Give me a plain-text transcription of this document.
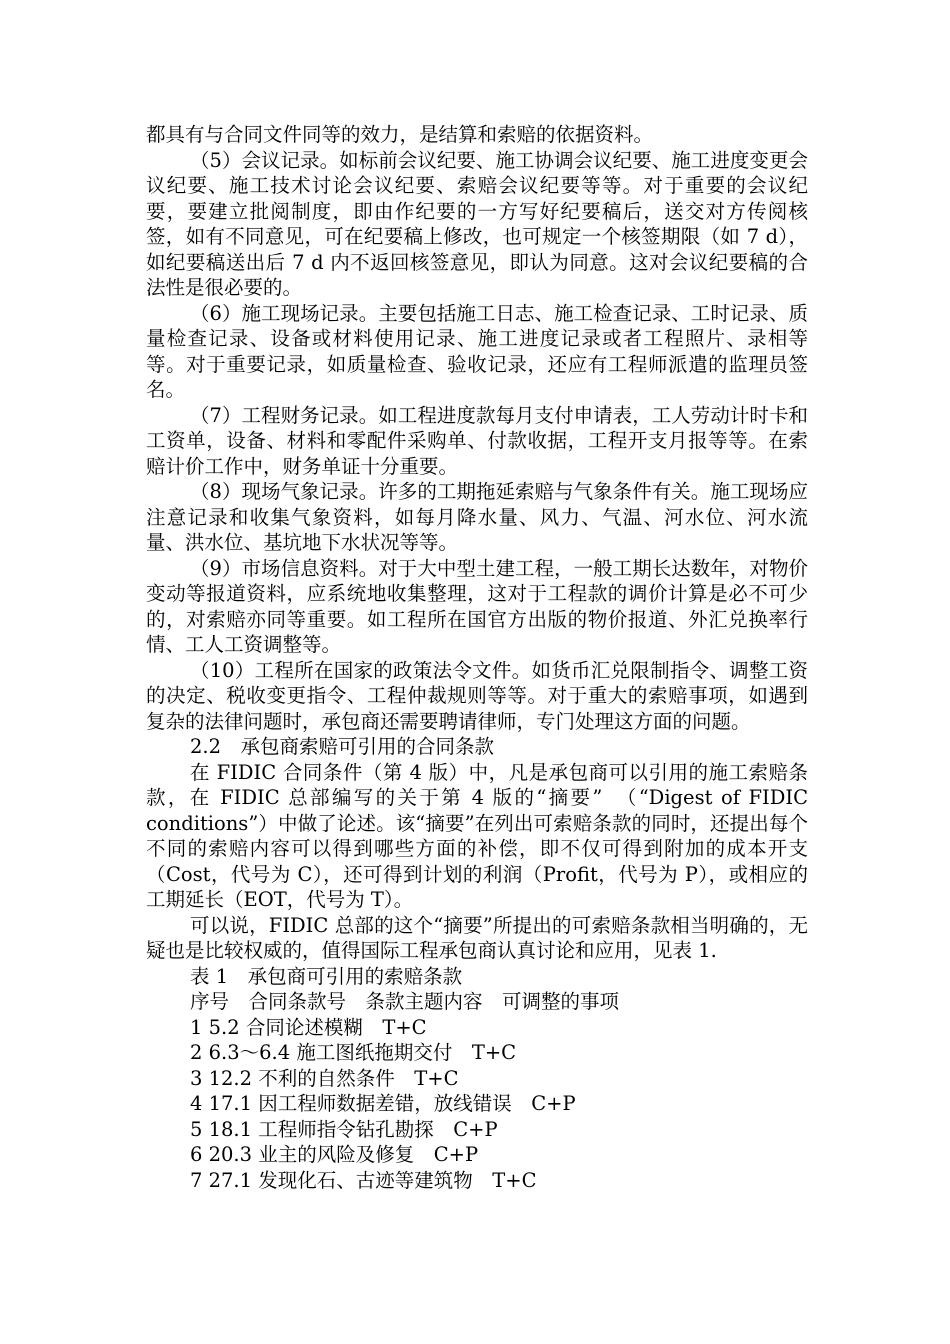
都具有与合同文件同等的效力，是结算和索赔的依据资料。

（5）会议记录。如标前会议纪要、施工协调会议纪要、施工进度变更会议纪要、施工技术讨论会议纪要、索赔会议纪要等等。对于重要的会议纪要，要建立批阅制度，即由作纪要的一方写好纪要稿后，送交对方传阅核签，如有不同意见，可在纪要稿上修改，也可规定一个核签期限（如 7 d），如纪要稿送出后 7 d 内不返回核签意见，即认为同意。这对会议纪要稿的合法性是很必要的。

（6）施工现场记录。主要包括施工日志、施工检查记录、工时记录、质量检查记录、设备或材料使用记录、施工进度记录或者工程照片、录相等等。对于重要记录，如质量检查、验收记录，还应有工程师派遣的监理员签名。

（7）工程财务记录。如工程进度款每月支付申请表，工人劳动计时卡和工资单，设备、材料和零配件采购单、付款收据，工程开支月报等等。在索赔计价工作中，财务单证十分重要。

（8）现场气象记录。许多的工期拖延索赔与气象条件有关。施工现场应注意记录和收集气象资料，如每月降水量、风力、气温、河水位、河水流量、洪水位、基坑地下水状况等等。

（9）市场信息资料。对于大中型土建工程，一般工期长达数年，对物价变动等报道资料，应系统地收集整理，这对于工程款的调价计算是必不可少的，对索赔亦同等重要。如工程所在国官方出版的物价报道、外汇兑换率行情、工人工资调整等。

（10）工程所在国家的政策法令文件。如货币汇兑限制指令、调整工资的决定、税收变更指令、工程仲裁规则等等。对于重大的索赔事项，如遇到复杂的法律问题时，承包商还需要聘请律师，专门处理这方面的问题。

2.2　承包商索赔可引用的合同条款

在 FIDIC 合同条件（第 4 版）中，凡是承包商可以引用的施工索赔条款，在 FIDIC 总部编写的关于第 4 版的“摘要”　（“Digest of FIDIC conditions”）中做了论述。该“摘要”在列出可索赔条款的同时，还提出每个不同的索赔内容可以得到哪些方面的补偿，即不仅可得到附加的成本开支（Cost，代号为 C），还可得到计划的利润（Profit，代号为 P），或相应的工期延长（EOT，代号为 T）。

可以说，FIDIC 总部的这个“摘要”所提出的可索赔条款相当明确的，无疑也是比较权威的，值得国际工程承包商认真讨论和应用，见表 1.

表 1　承包商可引用的索赔条款

序号　合同条款号　条款主题内容　可调整的事项

1 5.2 合同论述模糊　T+C

2 6.3～6.4 施工图纸拖期交付　T+C

3 12.2 不利的自然条件　T+C

4 17.1 因工程师数据差错，放线错误　C+P

5 18.1 工程师指令钻孔勘探　C+P

6 20.3 业主的风险及修复　C+P

7 27.1 发现化石、古迹等建筑物　T+C
